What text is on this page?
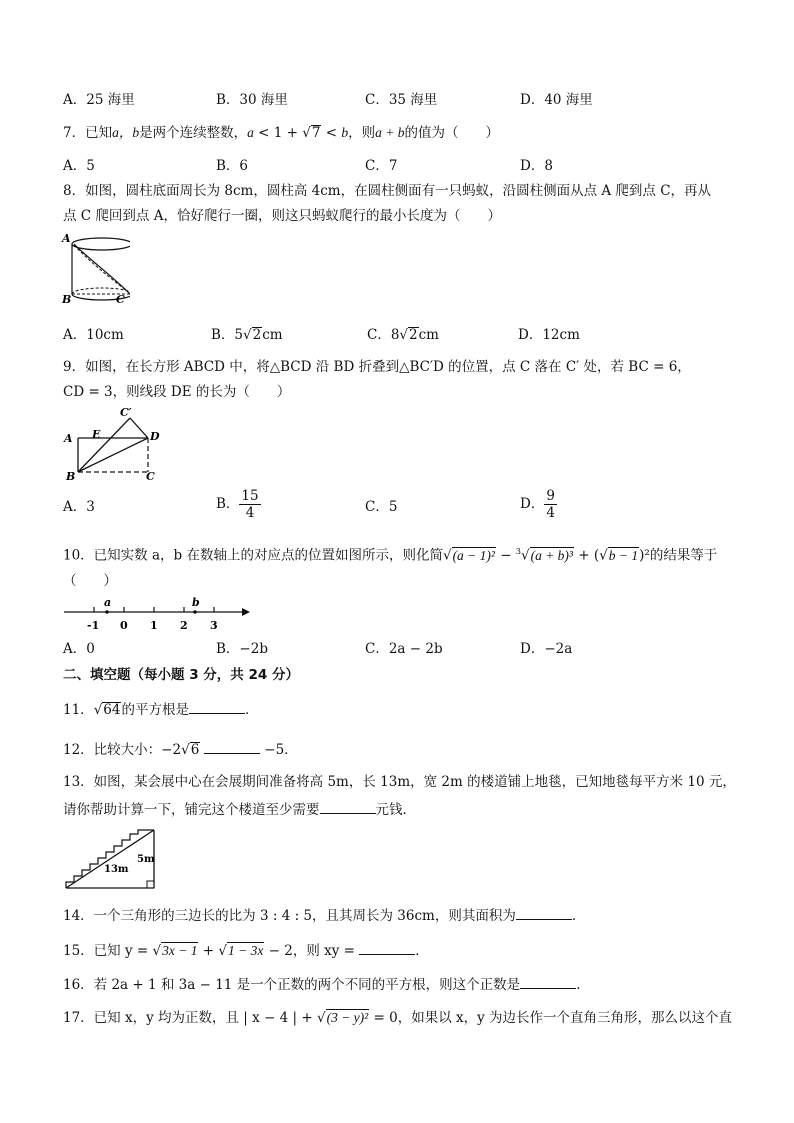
A．25 海里	B．30 海里	C．35 海里	D．40 海里
7．已知a，b是两个连续整数，a < 1 + √7 < b，则a + b的值为（　　）
A．5	B．6	C．7	D．8
8．如图，圆柱底面周长为 8cm，圆柱高 4cm，在圆柱侧面有一只蚂蚁，沿圆柱侧面从点 A 爬到点 C，再从
点 C 爬回到点 A，恰好爬行一圈，则这只蚂蚁爬行的最小长度为（　　）
A
B	C
A．10cm	B．5√2cm	C．8√2cm	D．12cm
9．如图，在长方形 ABCD 中，将△BCD 沿 BD 折叠到△BC′D 的位置，点 C 落在 C′ 处，若 BC = 6，
CD = 3，则线段 DE 的长为（　　）
A E	D
C′
B	C
A．3	B． $\frac{15}{4}$	C．5	D． $\frac{9}{4}$
10．已知实数 a，b 在数轴上的对应点的位置如图所示，则化简√(a − 1)² − $^3$√(a + b)³ + (√b − 1)²的结果等于
（　　）
a	b
-1 0 1 2 3
A．0	B．−2b	C．2a − 2b	D．−2a
二、填空题（每小题 3 分，共 24 分）
11．√64的平方根是	．
12．比较大小：−2√6	−5．
13．如图，某会展中心在会展期间准备将高 5m，长 13m，宽 2m 的楼道铺上地毯，已知地毯每平方米 10 元，
请你帮助计算一下，铺完这个楼道至少需要	元钱．
13m
5m
14．一个三角形的三边长的比为 3 : 4 : 5，且其周长为 36cm，则其面积为	．
15．已知 y = √3x − 1 + √1 − 3x − 2，则 xy =	．
16．若 2a + 1 和 3a − 11 是一个正数的两个不同的平方根，则这个正数是	．
17．已知 x，y 均为正数，且 | x − 4 | + √(3 − y)² = 0，如果以 x，y 为边长作一个直角三角形，那么以这个直
